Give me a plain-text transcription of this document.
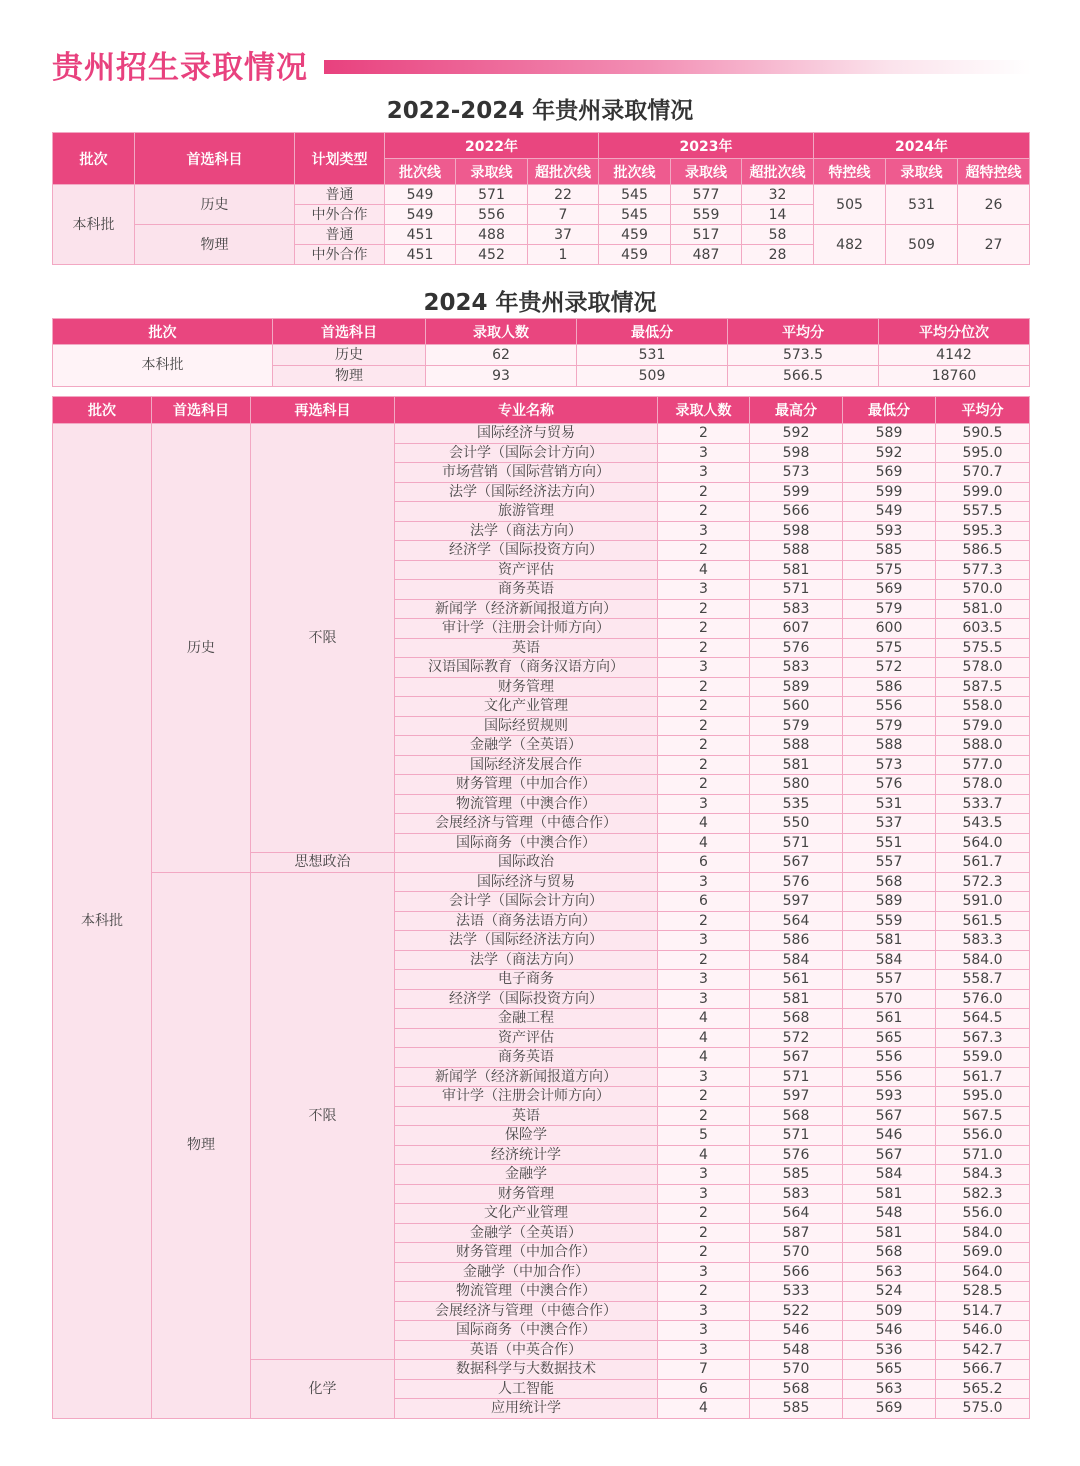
贵州招生录取情况
2022-2024 年贵州录取情况
批次	首选科目	计划类型	2022年			2023年			2024年		
			批次线	录取线	超批次线	批次线	录取线	超批次线	特控线	录取线	超特控线
本科批	历史	普通	549	571	22	545	577	32	505	531	26
		中外合作	549	556	7	545	559	14			
	物理	普通	451	488	37	459	517	58	482	509	27
		中外合作	451	452	1	459	487	28			
2024 年贵州录取情况
批次	首选科目	录取人数	最低分	平均分	平均分位次
本科批	历史	62	531	573.5	4142
	物理	93	509	566.5	18760
批次	首选科目	再选科目	专业名称	录取人数	最高分	最低分	平均分
本科批	历史	不限	国际经济与贸易	2	592	589	590.5
			会计学（国际会计方向）	3	598	592	595.0
			市场营销（国际营销方向）	3	573	569	570.7
			法学（国际经济法方向）	2	599	599	599.0
			旅游管理	2	566	549	557.5
			法学（商法方向）	3	598	593	595.3
			经济学（国际投资方向）	2	588	585	586.5
			资产评估	4	581	575	577.3
			商务英语	3	571	569	570.0
			新闻学（经济新闻报道方向）	2	583	579	581.0
			审计学（注册会计师方向）	2	607	600	603.5
			英语	2	576	575	575.5
			汉语国际教育（商务汉语方向）	3	583	572	578.0
			财务管理	2	589	586	587.5
			文化产业管理	2	560	556	558.0
			国际经贸规则	2	579	579	579.0
			金融学（全英语）	2	588	588	588.0
			国际经济发展合作	2	581	573	577.0
			财务管理（中加合作）	2	580	576	578.0
			物流管理（中澳合作）	3	535	531	533.7
			会展经济与管理（中德合作）	4	550	537	543.5
			国际商务（中澳合作）	4	571	551	564.0
		思想政治	国际政治	6	567	557	561.7
	物理	不限	国际经济与贸易	3	576	568	572.3
			会计学（国际会计方向）	6	597	589	591.0
			法语（商务法语方向）	2	564	559	561.5
			法学（国际经济法方向）	3	586	581	583.3
			法学（商法方向）	2	584	584	584.0
			电子商务	3	561	557	558.7
			经济学（国际投资方向）	3	581	570	576.0
			金融工程	4	568	561	564.5
			资产评估	4	572	565	567.3
			商务英语	4	567	556	559.0
			新闻学（经济新闻报道方向）	3	571	556	561.7
			审计学（注册会计师方向）	2	597	593	595.0
			英语	2	568	567	567.5
			保险学	5	571	546	556.0
			经济统计学	4	576	567	571.0
			金融学	3	585	584	584.3
			财务管理	3	583	581	582.3
			文化产业管理	2	564	548	556.0
			金融学（全英语）	2	587	581	584.0
			财务管理（中加合作）	2	570	568	569.0
			金融学（中加合作）	3	566	563	564.0
			物流管理（中澳合作）	2	533	524	528.5
			会展经济与管理（中德合作）	3	522	509	514.7
			国际商务（中澳合作）	3	546	546	546.0
			英语（中英合作）	3	548	536	542.7
		化学	数据科学与大数据技术	7	570	565	566.7
			人工智能	6	568	563	565.2
			应用统计学	4	585	569	575.0
